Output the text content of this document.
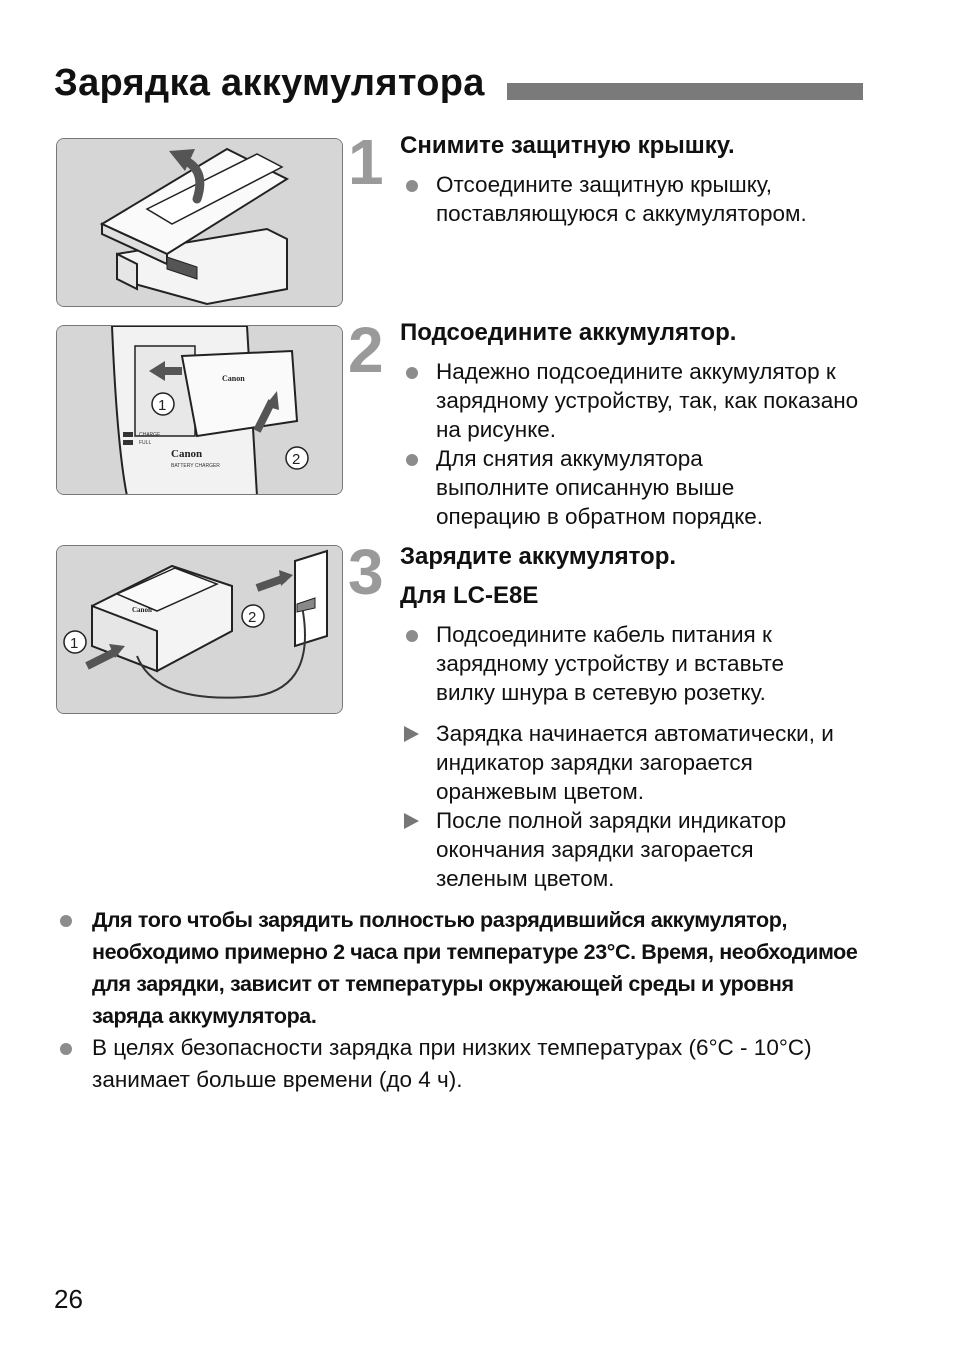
Зарядка аккумулятора
CHARGE
FULL
Canon
BATTERY CHARGER
Canon
1
2
Canon
1
2
1 Снимите защитную крышку.
Отсоедините защитную крышку, поставляющуюся с аккумулятором.
2 Подсоедините аккумулятор.
Надежно подсоедините аккумулятор к зарядному устройству, так, как показано на рисунке.
Для снятия аккумулятора выполните описанную выше операцию в обратном порядке.
3 Зарядите аккумулятор.
Для LC-E8E
Подсоедините кабель питания к зарядному устройству и вставьте вилку шнура в сетевую розетку.
Зарядка начинается автоматически, и индикатор зарядки загорается оранжевым цветом.
После полной зарядки индикатор окончания зарядки загорается зеленым цветом.
Для того чтобы зарядить полностью разрядившийся аккумулятор, необходимо примерно 2 часа при температуре 23°C. Время, необходимое для зарядки, зависит от температуры окружающей среды и уровня заряда аккумулятора.
В целях безопасности зарядка при низких температурах (6°C - 10°C) занимает больше времени (до 4 ч).
26
